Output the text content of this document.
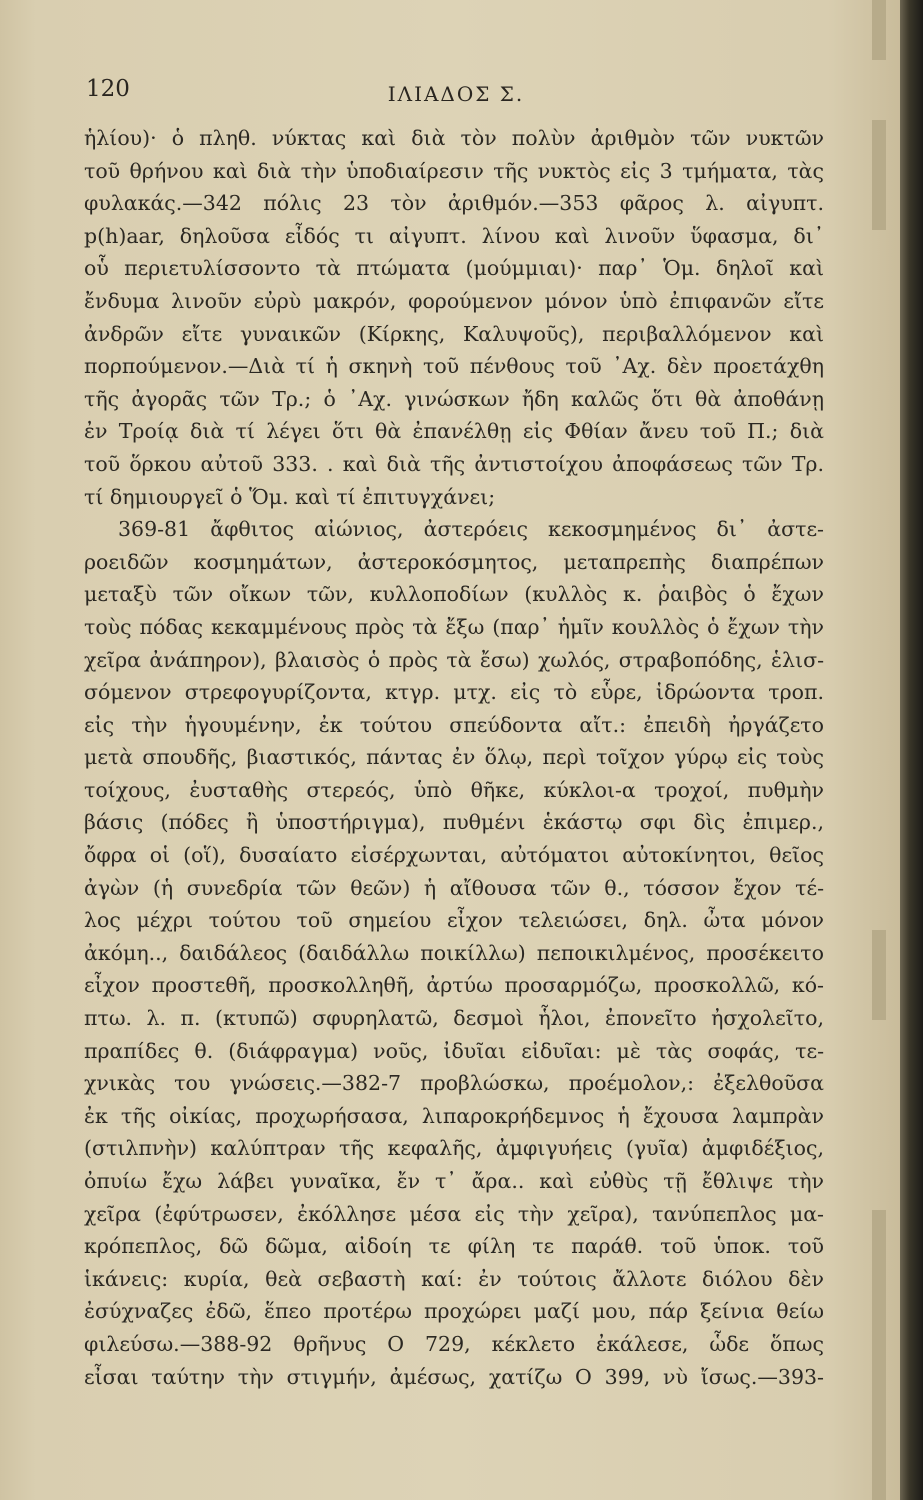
120	ΙΛΙΑΔΟΣ Σ.
ἡλίου)· ὁ πληθ. νύκτας καὶ διὰ τὸν πολὺν ἀριθμὸν τῶν νυκτῶν
τοῦ θρήνου καὶ διὰ τὴν ὑποδιαίρεσιν τῆς νυκτὸς εἰς 3 τμήματα, τὰς
φυλακάς.—342 πόλις 23 τὸν ἀριθμόν.—353 φᾶρος λ. αἰγυπτ.
p(h)aar, δηλοῦσα εἶδός τι αἰγυπτ. λίνου καὶ λινοῦν ὕφασμα, δι᾽
οὗ περιετυλίσσοντο τὰ πτώματα (μούμμιαι)· παρ᾽ Ὁμ. δηλοῖ καὶ
ἔνδυμα λινοῦν εὐρὺ μακρόν, φορούμενον μόνον ὑπὸ ἐπιφανῶν εἴτε
ἀνδρῶν εἴτε γυναικῶν (Κίρκης, Καλυψοῦς), περιβαλλόμενον καὶ
πορπούμενον.—Διὰ τί ἡ σκηνὴ τοῦ πένθους τοῦ ᾽Αχ. δὲν προετάχθη
τῆς ἀγορᾶς τῶν Τρ.; ὁ ᾽Αχ. γινώσκων ἤδη καλῶς ὅτι θὰ ἀποθάνῃ
ἐν Τροίᾳ διὰ τί λέγει ὅτι θὰ ἐπανέλθῃ εἰς Φθίαν ἄνευ τοῦ Π.; διὰ
τοῦ ὅρκου αὐτοῦ 333. . καὶ διὰ τῆς ἀντιστοίχου ἀποφάσεως τῶν Τρ.
τί δημιουργεῖ ὁ Ὅμ. καὶ τί ἐπιτυγχάνει;
369-81 ἄφθιτος αἰώνιος, ἀστερόεις κεκοσμημένος δι᾽ ἀστε-
ροειδῶν κοσμημάτων, ἀστεροκόσμητος, μεταπρεπὴς διαπρέπων
μεταξὺ τῶν οἴκων τῶν, κυλλοποδίων (κυλλὸς κ. ῥαιβὸς ὁ ἔχων
τοὺς πόδας κεκαμμένους πρὸς τὰ ἔξω (παρ᾽ ἡμῖν κουλλὸς ὁ ἔχων τὴν
χεῖρα ἀνάπηρον), βλαισὸς ὁ πρὸς τὰ ἔσω) χωλός, στραβοπόδης, ἑλισ-
σόμενον στρεφογυρίζοντα, κτγρ. μτχ. εἰς τὸ εὗρε, ἱδρώοντα τροπ.
εἰς τὴν ἡγουμένην, ἐκ τούτου σπεύδοντα αἴτ.: ἐπειδὴ ἠργάζετο
μετὰ σπουδῆς, βιαστικός, πάντας ἐν ὅλῳ, περὶ τοῖχον γύρῳ εἰς τοὺς
τοίχους, ἐυσταθὴς στερεός, ὑπὸ θῆκε, κύκλοι-α τροχοί, πυθμὴν
βάσις (πόδες ἢ ὑποστήριγμα), πυθμένι ἑκάστῳ σφι δὶς ἐπιμερ.,
ὄφρα οἱ (οἵ), δυσαίατο εἰσέρχωνται, αὐτόματοι αὐτοκίνητοι, θεῖος
ἀγὼν (ἡ συνεδρία τῶν θεῶν) ἡ αἴθουσα τῶν θ., τόσσον ἔχον τέ-
λος μέχρι τούτου τοῦ σημείου εἶχον τελειώσει, δηλ. ὦτα μόνον
ἀκόμη.., δαιδάλεος (δαιδάλλω ποικίλλω) πεποικιλμένος, προσέκειτο
εἶχον προστεθῆ, προσκολληθῆ, ἀρτύω προσαρμόζω, προσκολλῶ, κό-
πτω. λ. π. (κτυπῶ) σφυρηλατῶ, δεσμοὶ ἧλοι, ἐπονεῖτο ἠσχολεῖτο,
πραπίδες θ. (διάφραγμα) νοῦς, ἰδυῖαι εἰδυῖαι: μὲ τὰς σοφάς, τε-
χνικὰς του γνώσεις.—382-7 προβλώσκω, προέμολον,: ἐξελθοῦσα
ἐκ τῆς οἰκίας, προχωρήσασα, λιπαροκρήδεμνος ἡ ἔχουσα λαμπρὰν
(στιλπνὴν) καλύπτραν τῆς κεφαλῆς, ἀμφιγυήεις (γυῖα) ἀμφιδέξιος,
ὀπυίω ἔχω λάβει γυναῖκα, ἔν τ᾽ ἄρα.. καὶ εὐθὺς τῇ ἔθλιψε τὴν
χεῖρα (ἐφύτρωσεν, ἐκόλλησε μέσα εἰς τὴν χεῖρα), τανύπεπλος μα-
κρόπεπλος, δῶ δῶμα, αἰδοίη τε φίλη τε παράθ. τοῦ ὑποκ. τοῦ
ἱκάνεις: κυρία, θεὰ σεβαστὴ καί: ἐν τούτοις ἄλλοτε διόλου δὲν
ἐσύχναζες ἐδῶ, ἕπεο προτέρω προχώρει μαζί μου, πάρ ξείνια θείω
φιλεύσω.—388-92 θρῆνυς Ο 729, κέκλετο ἐκάλεσε, ὧδε ὅπως
εἶσαι ταύτην τὴν στιγμήν, ἀμέσως, χατίζω Ο 399, νὺ ἴσως.—393-
